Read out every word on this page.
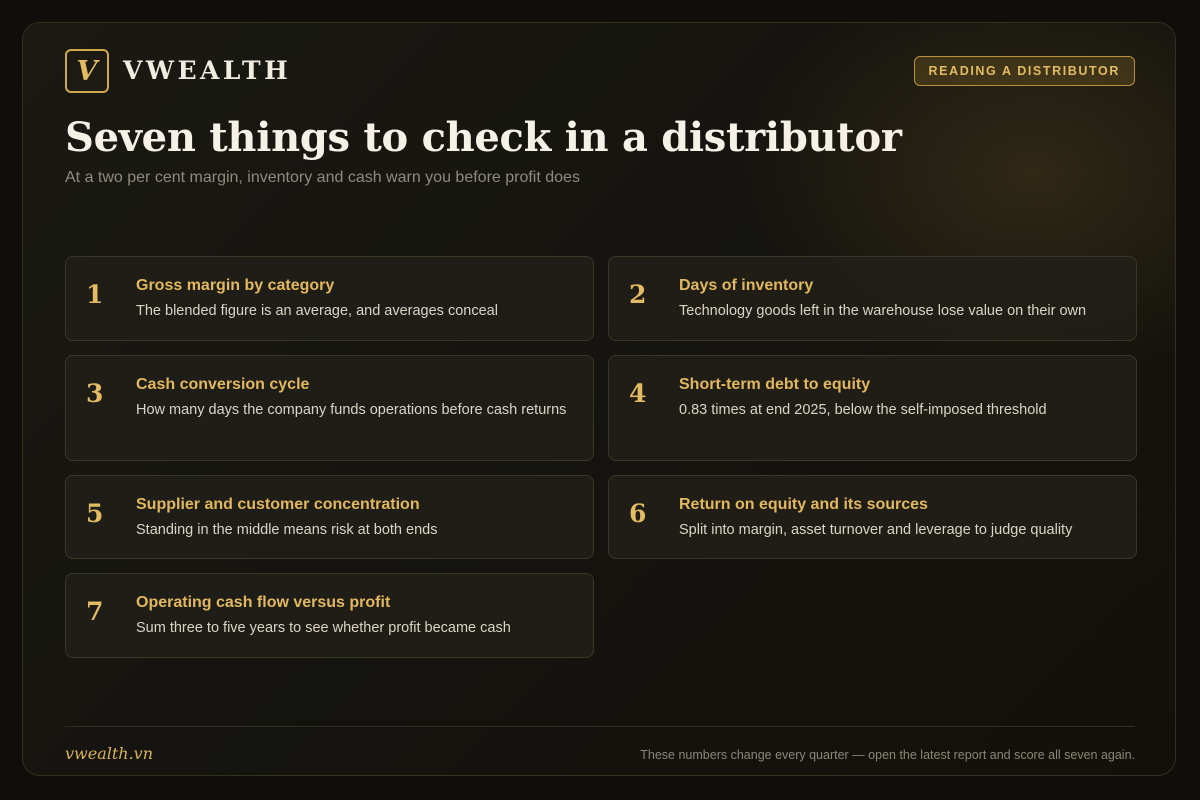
V VWEALTH	READING A DISTRIBUTOR
Seven things to check in a distributor
At a two per cent margin, inventory and cash warn you before profit does
1 Gross margin by category
The blended figure is an average, and averages conceal
2 Days of inventory
Technology goods left in the warehouse lose value on their own
3 Cash conversion cycle
How many days the company funds operations before cash returns
4 Short-term debt to equity
0.83 times at end 2025, below the self-imposed threshold
5 Supplier and customer concentration
Standing in the middle means risk at both ends
6 Return on equity and its sources
Split into margin, asset turnover and leverage to judge quality
7 Operating cash flow versus profit
Sum three to five years to see whether profit became cash
vwealth.vn	These numbers change every quarter — open the latest report and score all seven again.
